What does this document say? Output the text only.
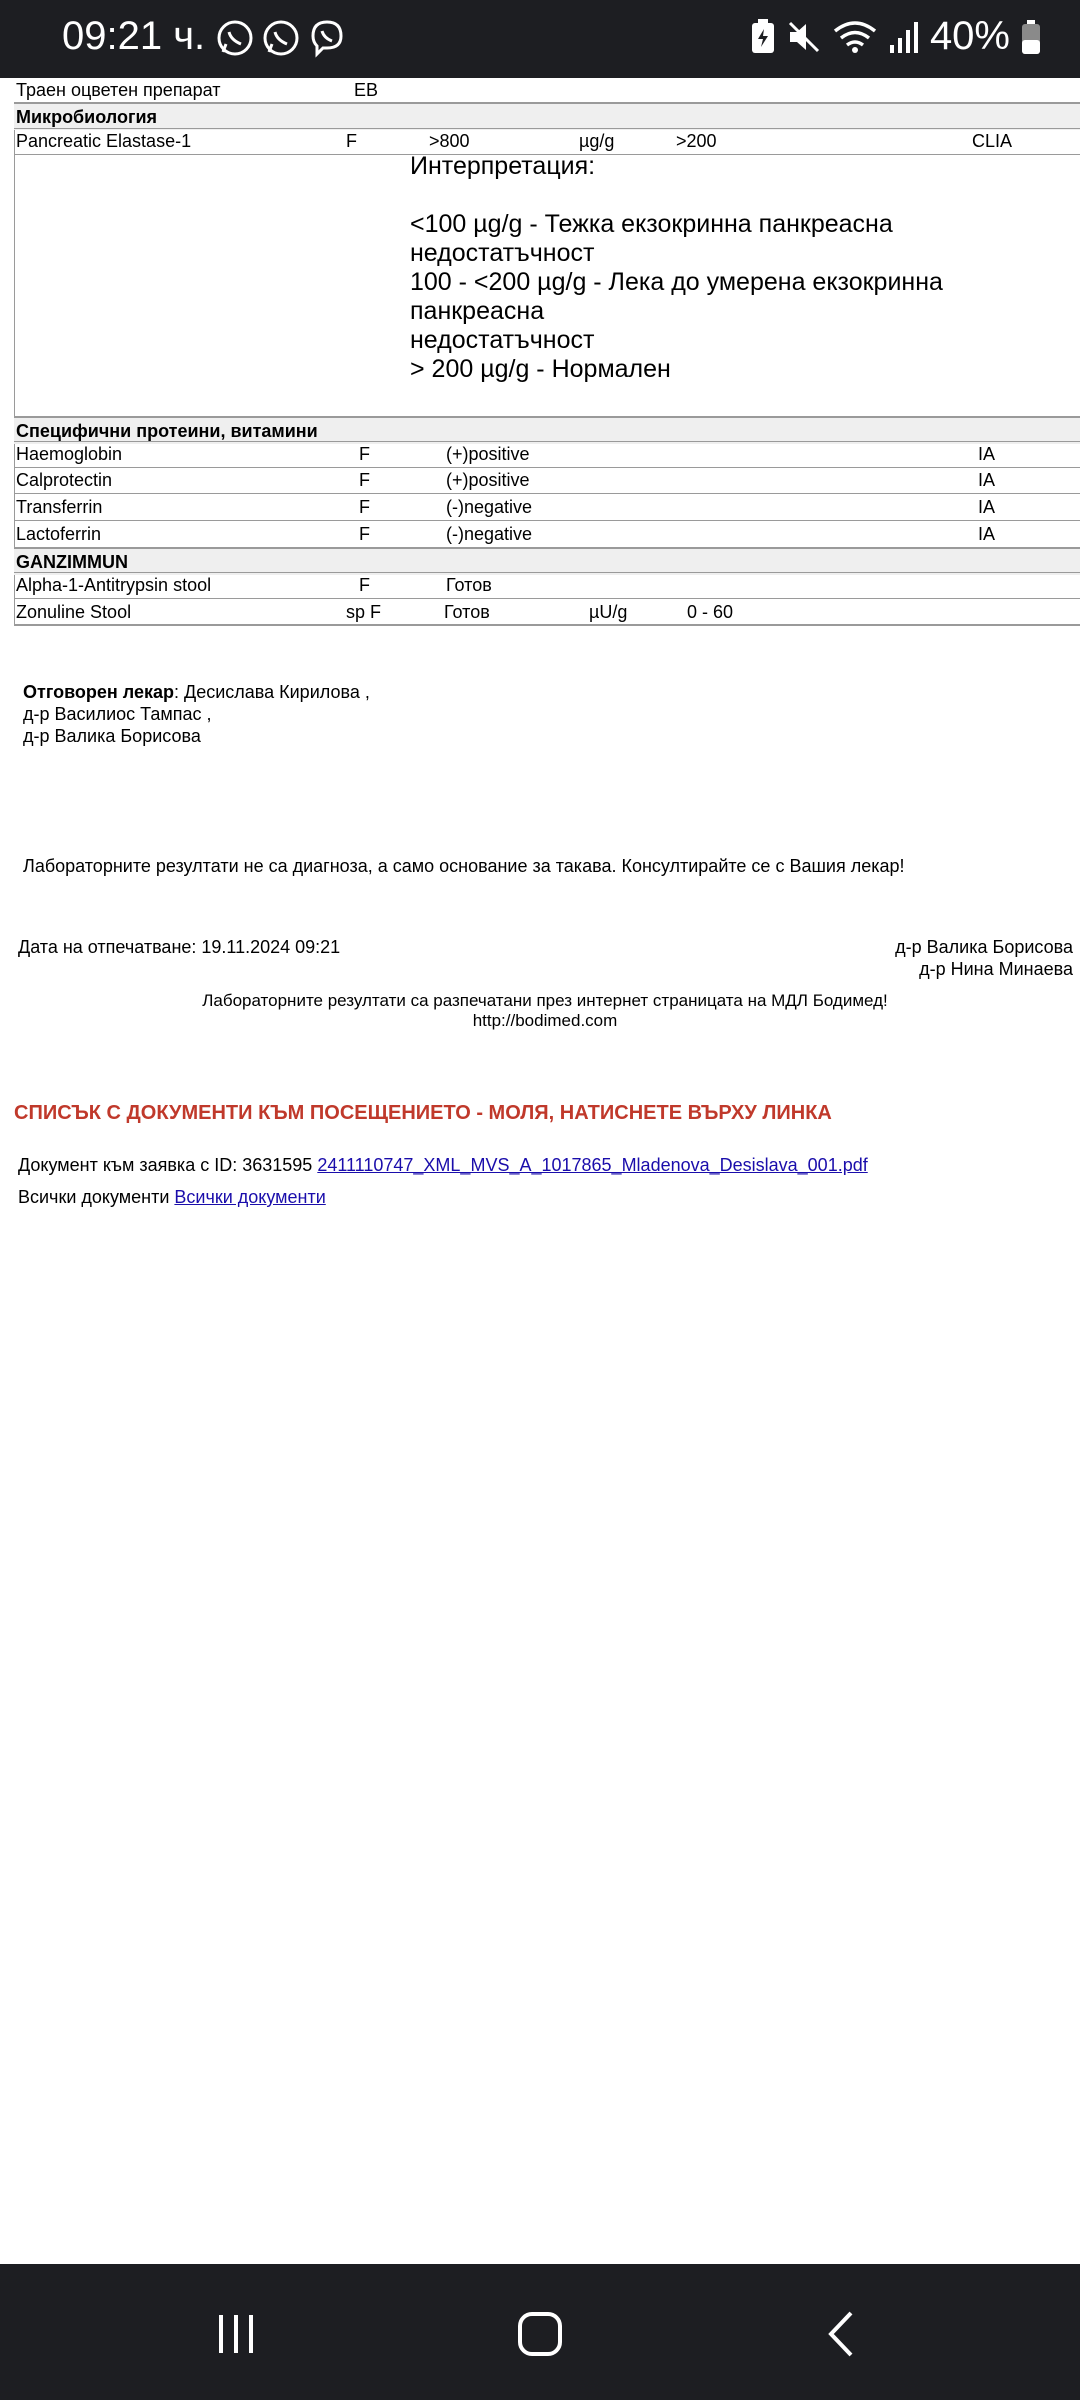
09:21 ч.	40%
Траен оцветен препарат	EB
Микробиология
Pancreatic Elastase-1	F	>800	µg/g	>200	CLIA
Интерпретация:
<100 µg/g - Тежка екзокринна панкреасна
недостатъчност
100 - <200 µg/g - Лека до умерена екзокринна панкреасна
недостатъчност
> 200 µg/g - Нормален
Специфични протеини, витамини
Haemoglobin	F	(+)positive	IA
Calprotectin	F	(+)positive	IA
Transferrin	F	(-)negative	IA
Lactoferrin	F	(-)negative	IA
GANZIMMUN
Alpha-1-Antitrypsin stool	F	Готов
Zonuline Stool	sp F	Готов	µU/g	0 - 60
Отговорен лекар: Десислава Кирилова ,
д-р Василиос Тампас ,
д-р Валика Борисова
Лабораторните резултати не са диагноза, а само основание за такава. Консултирайте се с Вашия лекар!
Дата на отпечатване: 19.11.2024 09:21	д-р Валика Борисова
д-р Нина Минаева
Лабораторните резултати са разпечатани през интернет страницата на МДЛ Бодимед!
http://bodimed.com
СПИСЪК С ДОКУМЕНТИ КЪМ ПОСЕЩЕНИЕТО - МОЛЯ, НАТИСНЕТЕ ВЪРХУ ЛИНКА
Документ към заявка с ID: 3631595 2411110747_XML_MVS_A_1017865_Mladenova_Desislava_001.pdf
Всички документи Всички документи
